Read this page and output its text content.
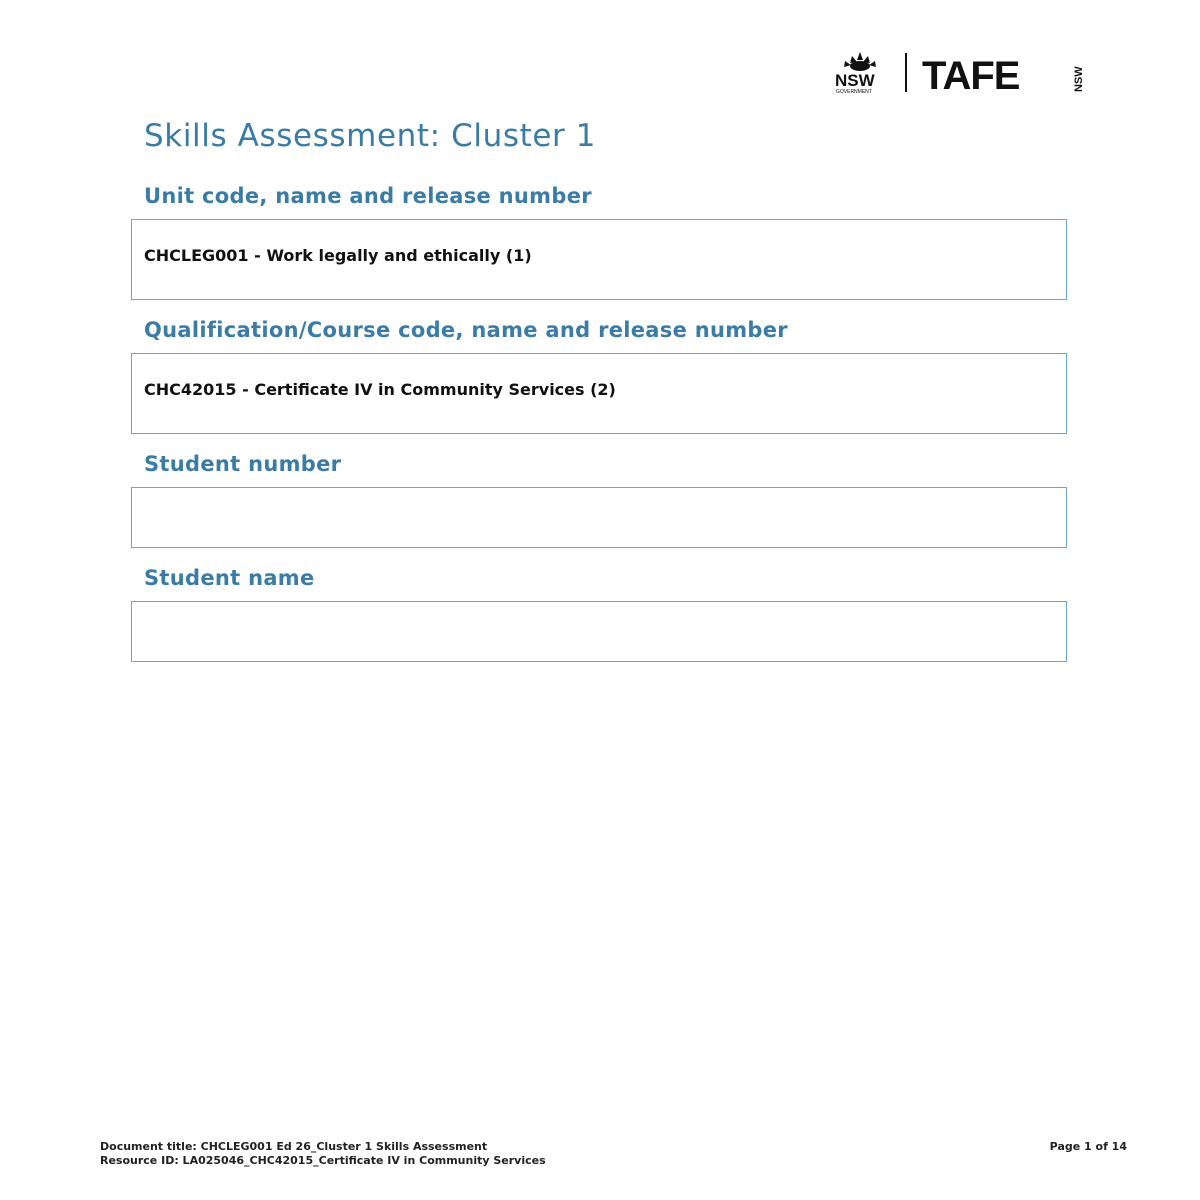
NSW
GOVERNMENT TAFE	NSW
Skills Assessment: Cluster 1
Unit code, name and release number
CHCLEG001 - Work legally and ethically (1)
Qualification/Course code, name and release number
CHC42015 - Certificate IV in Community Services (2)
Student number
Student name
Document title: CHCLEG001 Ed 26_Cluster 1 Skills Assessment
Resource ID: LA025046_CHC42015_Certificate IV in Community Services
Page 1 of 14
